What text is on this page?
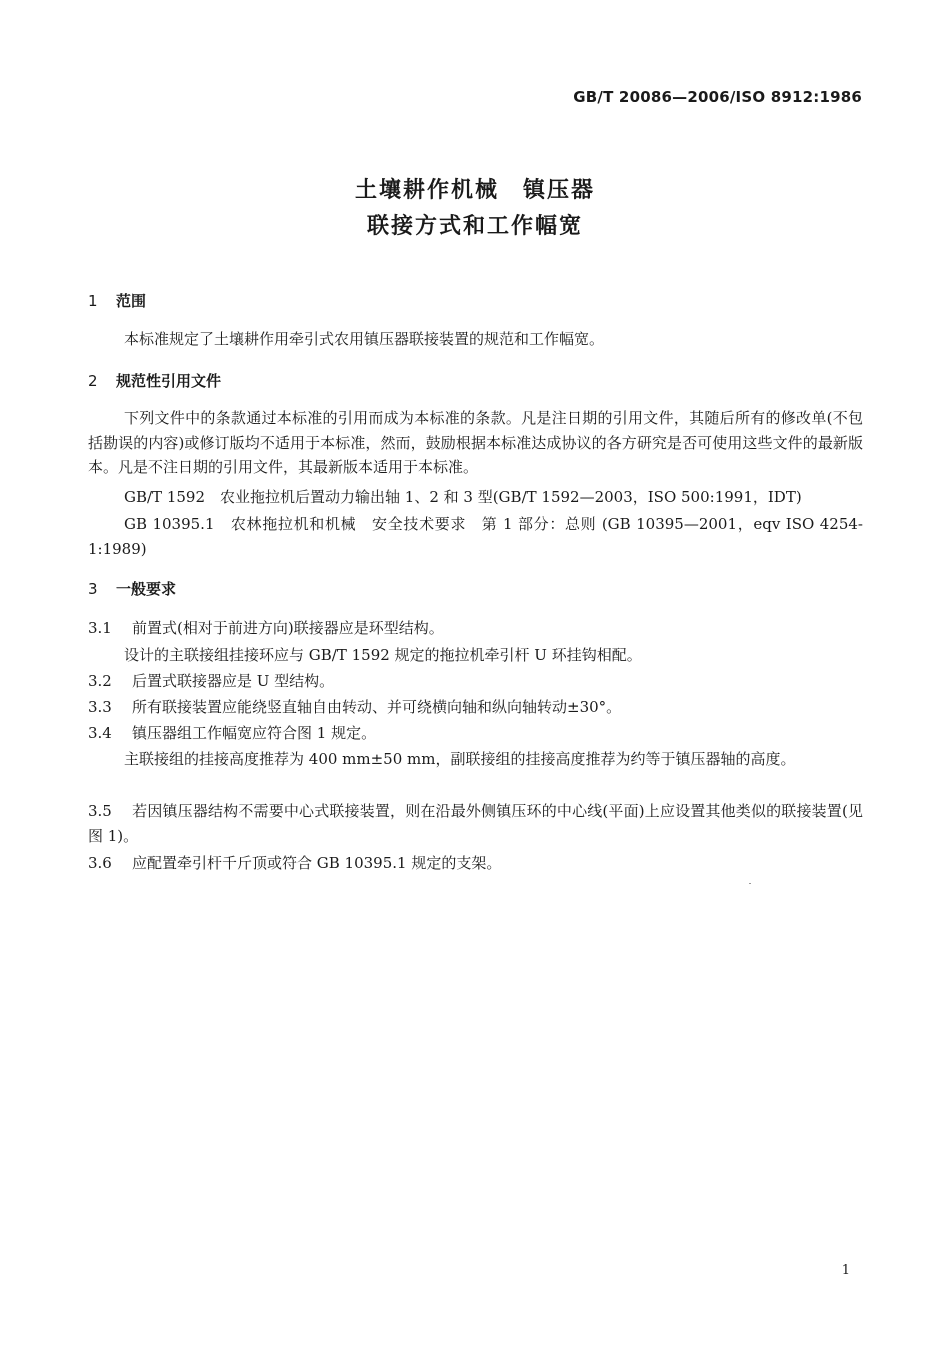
GB/T 20086—2006/ISO 8912:1986
土壤耕作机械　镇压器
联接方式和工作幅宽
1 范围
本标准规定了土壤耕作用牵引式农用镇压器联接装置的规范和工作幅宽。
2 规范性引用文件
下列文件中的条款通过本标准的引用而成为本标准的条款。凡是注日期的引用文件，其随后所有的修改单(不包括勘误的内容)或修订版均不适用于本标准，然而，鼓励根据本标准达成协议的各方研究是否可使用这些文件的最新版本。凡是不注日期的引用文件，其最新版本适用于本标准。
GB/T 1592　农业拖拉机后置动力输出轴 1、2 和 3 型(GB/T 1592—2003，ISO 500:1991，IDT)
GB 10395.1　农林拖拉机和机械　安全技术要求　第 1 部分：总则 (GB 10395—2001，eqv ISO 4254-1:1989)
3 一般要求
3.1 前置式(相对于前进方向)联接器应是环型结构。
设计的主联接组挂接环应与 GB/T 1592 规定的拖拉机牵引杆 U 环挂钩相配。
3.2 后置式联接器应是 U 型结构。
3.3 所有联接装置应能绕竖直轴自由转动、并可绕横向轴和纵向轴转动±30°。
3.4 镇压器组工作幅宽应符合图 1 规定。
主联接组的挂接高度推荐为 400 mm±50 mm，副联接组的挂接高度推荐为约等于镇压器轴的高度。
3.5 若因镇压器结构不需要中心式联接装置，则在沿最外侧镇压环的中心线(平面)上应设置其他类似的联接装置(见图 1)。
3.6 应配置牵引杆千斤顶或符合 GB 10395.1 规定的支架。
1
